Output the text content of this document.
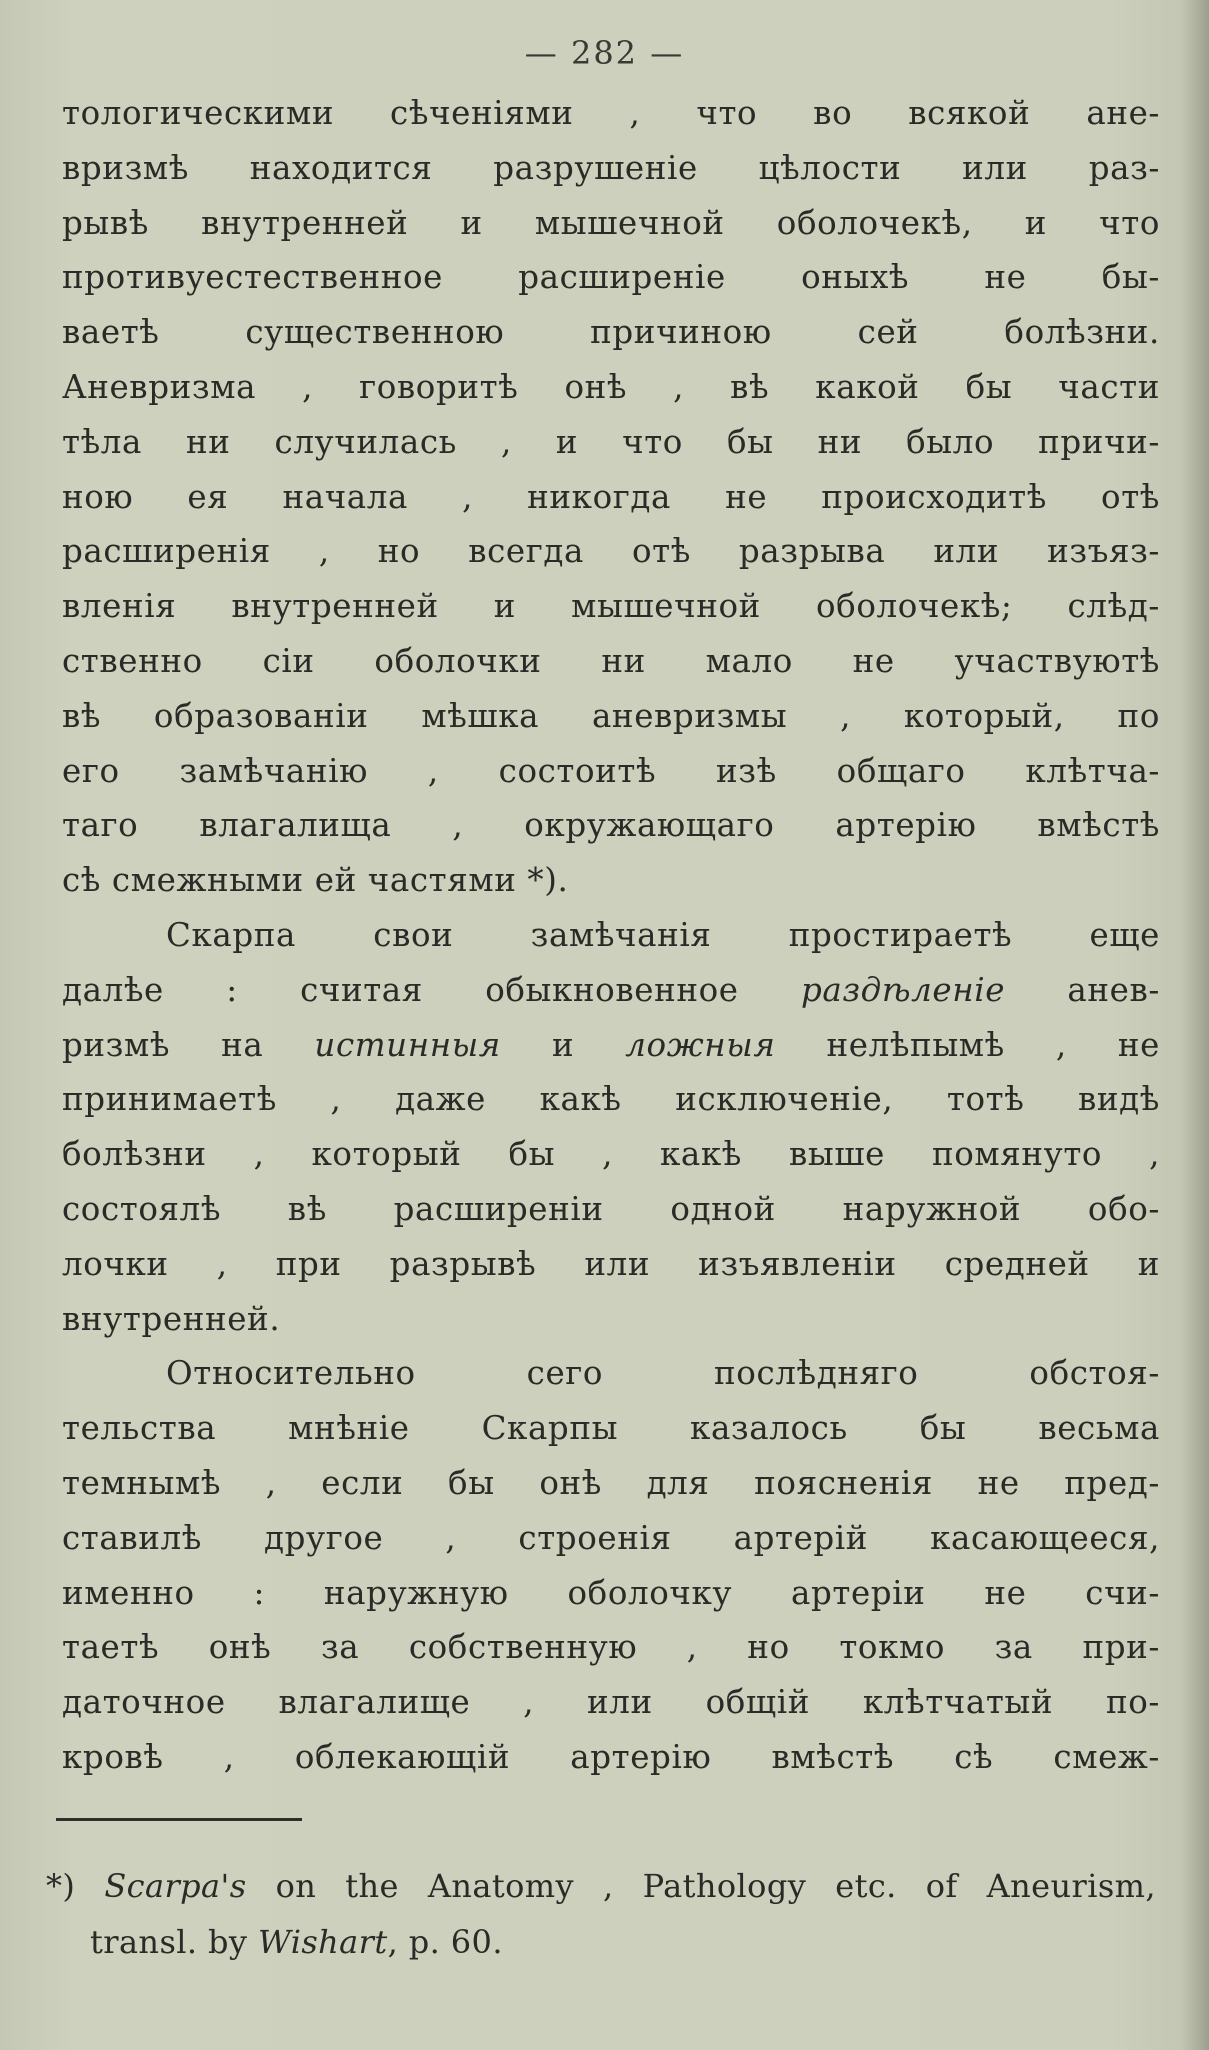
— 282 —
тологическими сѣченіями , что во всякой ане-
вризмѣ находится разрушеніе цѣлости или раз-
рывѣ внутренней и мышечной оболочекѣ, и что
противуестественное расширеніе оныхѣ не бы-
ваетѣ существенною причиною сей болѣзни.
Аневризма , говоритѣ онѣ , вѣ какой бы части
тѣла ни случилась , и что бы ни было причи-
ною ея начала , никогда не происходитѣ отѣ
расширенія , но всегда отѣ разрыва или изъяз-
вленія внутренней и мышечной оболочекѣ; слѣд-
ственно сіи оболочки ни мало не участвуютѣ
вѣ образованіи мѣшка аневризмы , который, по
его замѣчанію , состоитѣ изѣ общаго клѣтча-
таго влагалища , окружающаго артерію вмѣстѣ
сѣ смежными ей частями *).
Скарпа свои замѣчанія простираетѣ еще
далѣе : считая обыкновенное раздѣленіе анев-
ризмѣ на истинныя и ложныя нелѣпымѣ , не
принимаетѣ , даже какѣ исключеніе, тотѣ видѣ
болѣзни , который бы , какѣ выше помянуто ,
состоялѣ вѣ расширеніи одной наружной обо-
лочки , при разрывѣ или изъявленіи средней и
внутренней.
Относительно сего послѣдняго обстоя-
тельства мнѣніе Скарпы казалось бы весьма
темнымѣ , если бы онѣ для поясненія не пред-
ставилѣ другое , строенія артерій касающееся,
именно : наружную оболочку артеріи не счи-
таетѣ онѣ за собственную , но токмо за при-
даточное влагалище , или общій клѣтчатый по-
кровѣ , облекающій артерію вмѣстѣ сѣ смеж-
*) Scarpa's on the Anatomy , Pathology etc. of Aneurism,
transl. by Wishart, p. 60.
